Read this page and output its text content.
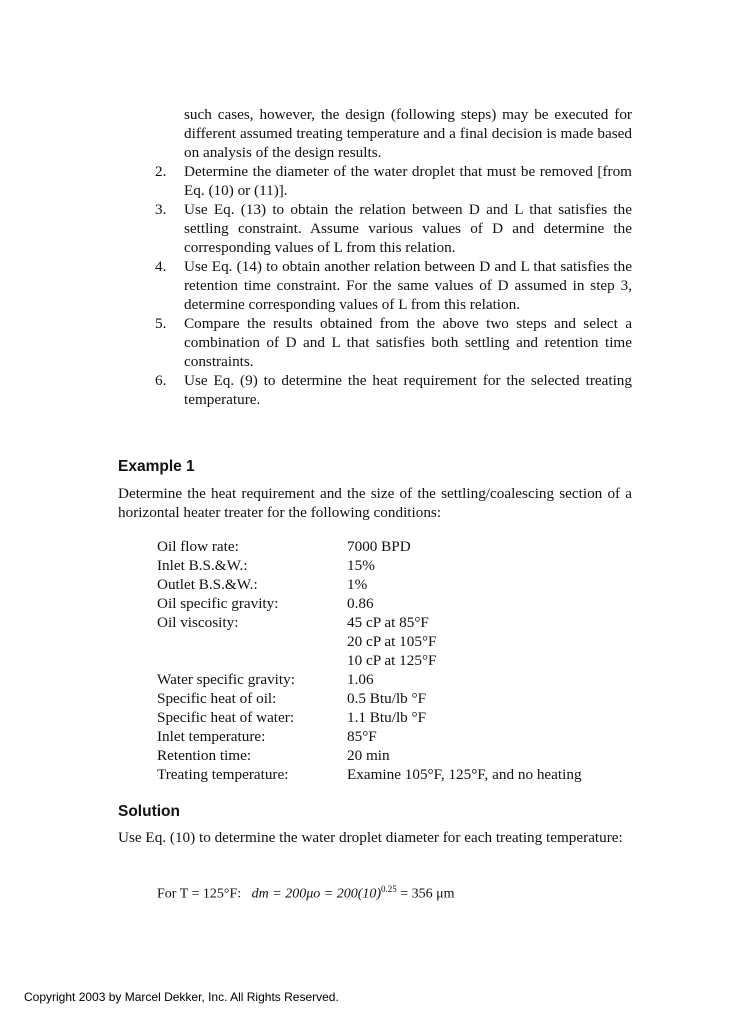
such cases, however, the design (following steps) may be executed for different assumed treating temperature and a final decision is made based on analysis of the design results.
2.	Determine the diameter of the water droplet that must be removed [from Eq. (10) or (11)].
3.	Use Eq. (13) to obtain the relation between D and L that satisfies the settling constraint. Assume various values of D and determine the corresponding values of L from this relation.
4.	Use Eq. (14) to obtain another relation between D and L that satisfies the retention time constraint. For the same values of D assumed in step 3, determine corresponding values of L from this relation.
5.	Compare the results obtained from the above two steps and select a combination of D and L that satisfies both settling and retention time constraints.
6.	Use Eq. (9) to determine the heat requirement for the selected treating temperature.
Example 1
Determine the heat requirement and the size of the settling/coalescing section of a horizontal heater treater for the following conditions:
Oil flow rate:	7000 BPD
Inlet B.S.&W.:	15%
Outlet B.S.&W.:	1%
Oil specific gravity:	0.86
Oil viscosity:	45 cP at 85°F
20 cP at 105°F
10 cP at 125°F
Water specific gravity:	1.06
Specific heat of oil:	0.5 Btu/lb °F
Specific heat of water:	1.1 Btu/lb °F
Inlet temperature:	85°F
Retention time:	20 min
Treating temperature:	Examine 105°F, 125°F, and no heating
Solution
Use Eq. (10) to determine the water droplet diameter for each treating temperature:
For T = 125°F: dm = $200\mu o = 200(10)^{0.25} = 356$ μm
Copyright 2003 by Marcel Dekker, Inc. All Rights Reserved.
